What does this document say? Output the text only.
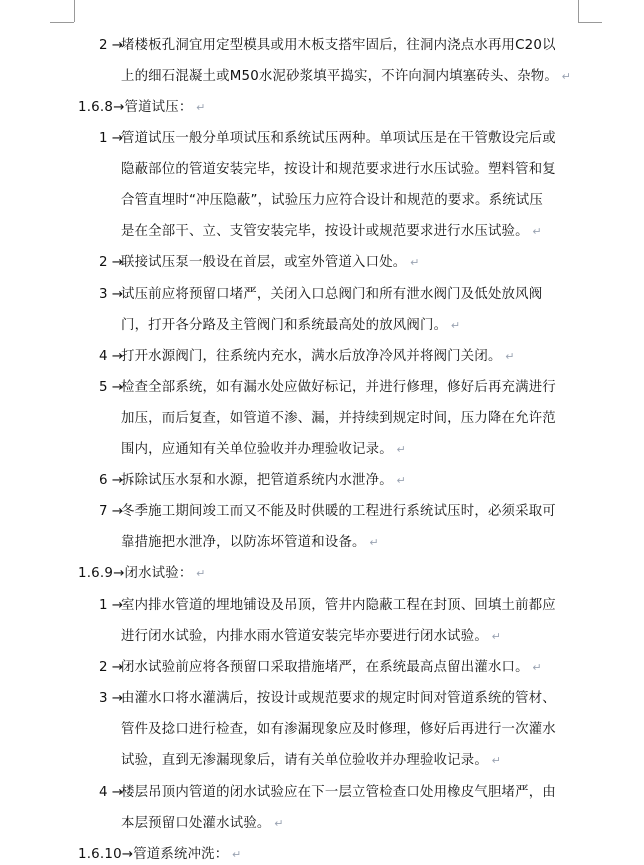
2 →
堵楼板孔洞宜用定型模具或用木板支搭牢固后，往洞内浇点水再用C20以
上的细石混凝土或M50水泥砂浆填平捣实，不许向洞内填塞砖头、杂物。 ↵
1.6.8→管道试压： ↵
1 →
管道试压一般分单项试压和系统试压两种。单项试压是在干管敷设完后或
隐蔽部位的管道安装完毕，按设计和规范要求进行水压试验。塑料管和复
合管直埋时“冲压隐蔽”，试验压力应符合设计和规范的要求。系统试压
是在全部干、立、支管安装完毕，按设计或规范要求进行水压试验。 ↵
2 →
联接试压泵一般设在首层，或室外管道入口处。 ↵
3 →
试压前应将预留口堵严，关闭入口总阀门和所有泄水阀门及低处放风阀
门，打开各分路及主管阀门和系统最高处的放风阀门。 ↵
4 →
打开水源阀门，往系统内充水，满水后放净冷风并将阀门关闭。 ↵
5 →
检查全部系统，如有漏水处应做好标记，并进行修理，修好后再充满进行
加压，而后复查，如管道不渗、漏，并持续到规定时间，压力降在允许范
围内，应通知有关单位验收并办理验收记录。 ↵
6 →
拆除试压水泵和水源，把管道系统内水泄净。 ↵
7 →
冬季施工期间竣工而又不能及时供暖的工程进行系统试压时，必须采取可
靠措施把水泄净，以防冻坏管道和设备。 ↵
1.6.9→闭水试验： ↵
1 →
室内排水管道的埋地铺设及吊顶，管井内隐蔽工程在封顶、回填土前都应
进行闭水试验，内排水雨水管道安装完毕亦要进行闭水试验。 ↵
2 →
闭水试验前应将各预留口采取措施堵严，在系统最高点留出灌水口。 ↵
3 →
由灌水口将水灌满后，按设计或规范要求的规定时间对管道系统的管材、
管件及捻口进行检查，如有渗漏现象应及时修理，修好后再进行一次灌水
试验，直到无渗漏现象后，请有关单位验收并办理验收记录。 ↵
4 →
楼层吊顶内管道的闭水试验应在下一层立管检查口处用橡皮气胆堵严，由
本层预留口处灌水试验。 ↵
1.6.10→管道系统冲洗： ↵
